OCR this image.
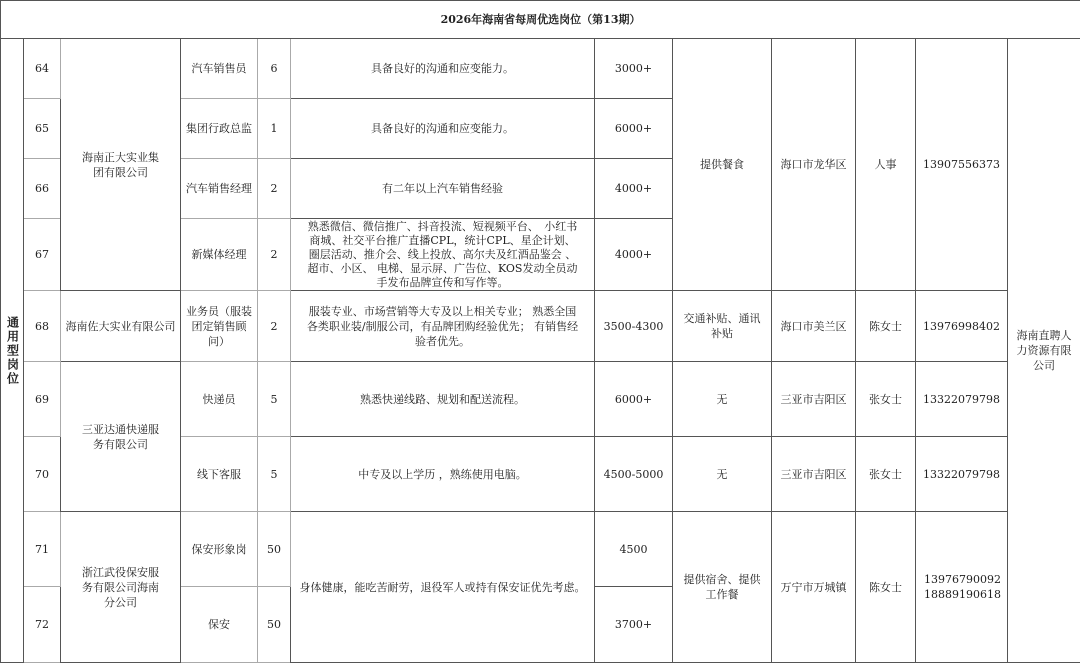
2026年海南省每周优选岗位（第13期）											
通用型岗位	64	海南正大实业集团有限公司	汽车销售员	6	具备良好的沟通和应变能力。	3000+	提供餐食	海口市龙华区	人事	13907556373	海南直聘人力资源有限公司
	65		集团行政总监	1	具备良好的沟通和应变能力。	6000+					
	66		汽车销售经理	2	有二年以上汽车销售经验	4000+					
	67		新媒体经理	2	熟悉微信、微信推广、抖音投流、短视频平台、　小红书商城、社交平台推广直播CPL，统计CPL、星企计划、圈层活动、推介会、线上投放、高尔夫及红酒品鉴会 、超市、小区、 电梯、显示屏、广告位、KOS发动全员动手发布品牌宣传和写作等。	4000+					
	68	海南佐大实业有限公司	业务员（服装团定销售顾问）	2	服装专业、市场营销等大专及以上相关专业； 熟悉全国各类职业装/制服公司，有品牌团购经验优先； 有销售经验者优先。	3500-4300	交通补贴、通讯补贴	海口市美兰区	陈女士	13976998402	
	69	三亚达通快递服务有限公司	快递员	5	熟悉快递线路、规划和配送流程。	6000+	无	三亚市吉阳区	张女士	13322079798	
	70		线下客服	5	中专及以上学历 ，熟练使用电脑。	4500-5000	无	三亚市吉阳区	张女士	13322079798	
	71	浙江武役保安服务有限公司海南分公司	保安形象岗	50	身体健康，能吃苦耐劳，退役军人或持有保安证优先考虑。	4500	提供宿舍、提供工作餐	万宁市万城镇	陈女士	13976790092 18889190618	
	72		保安	50		3700+					
